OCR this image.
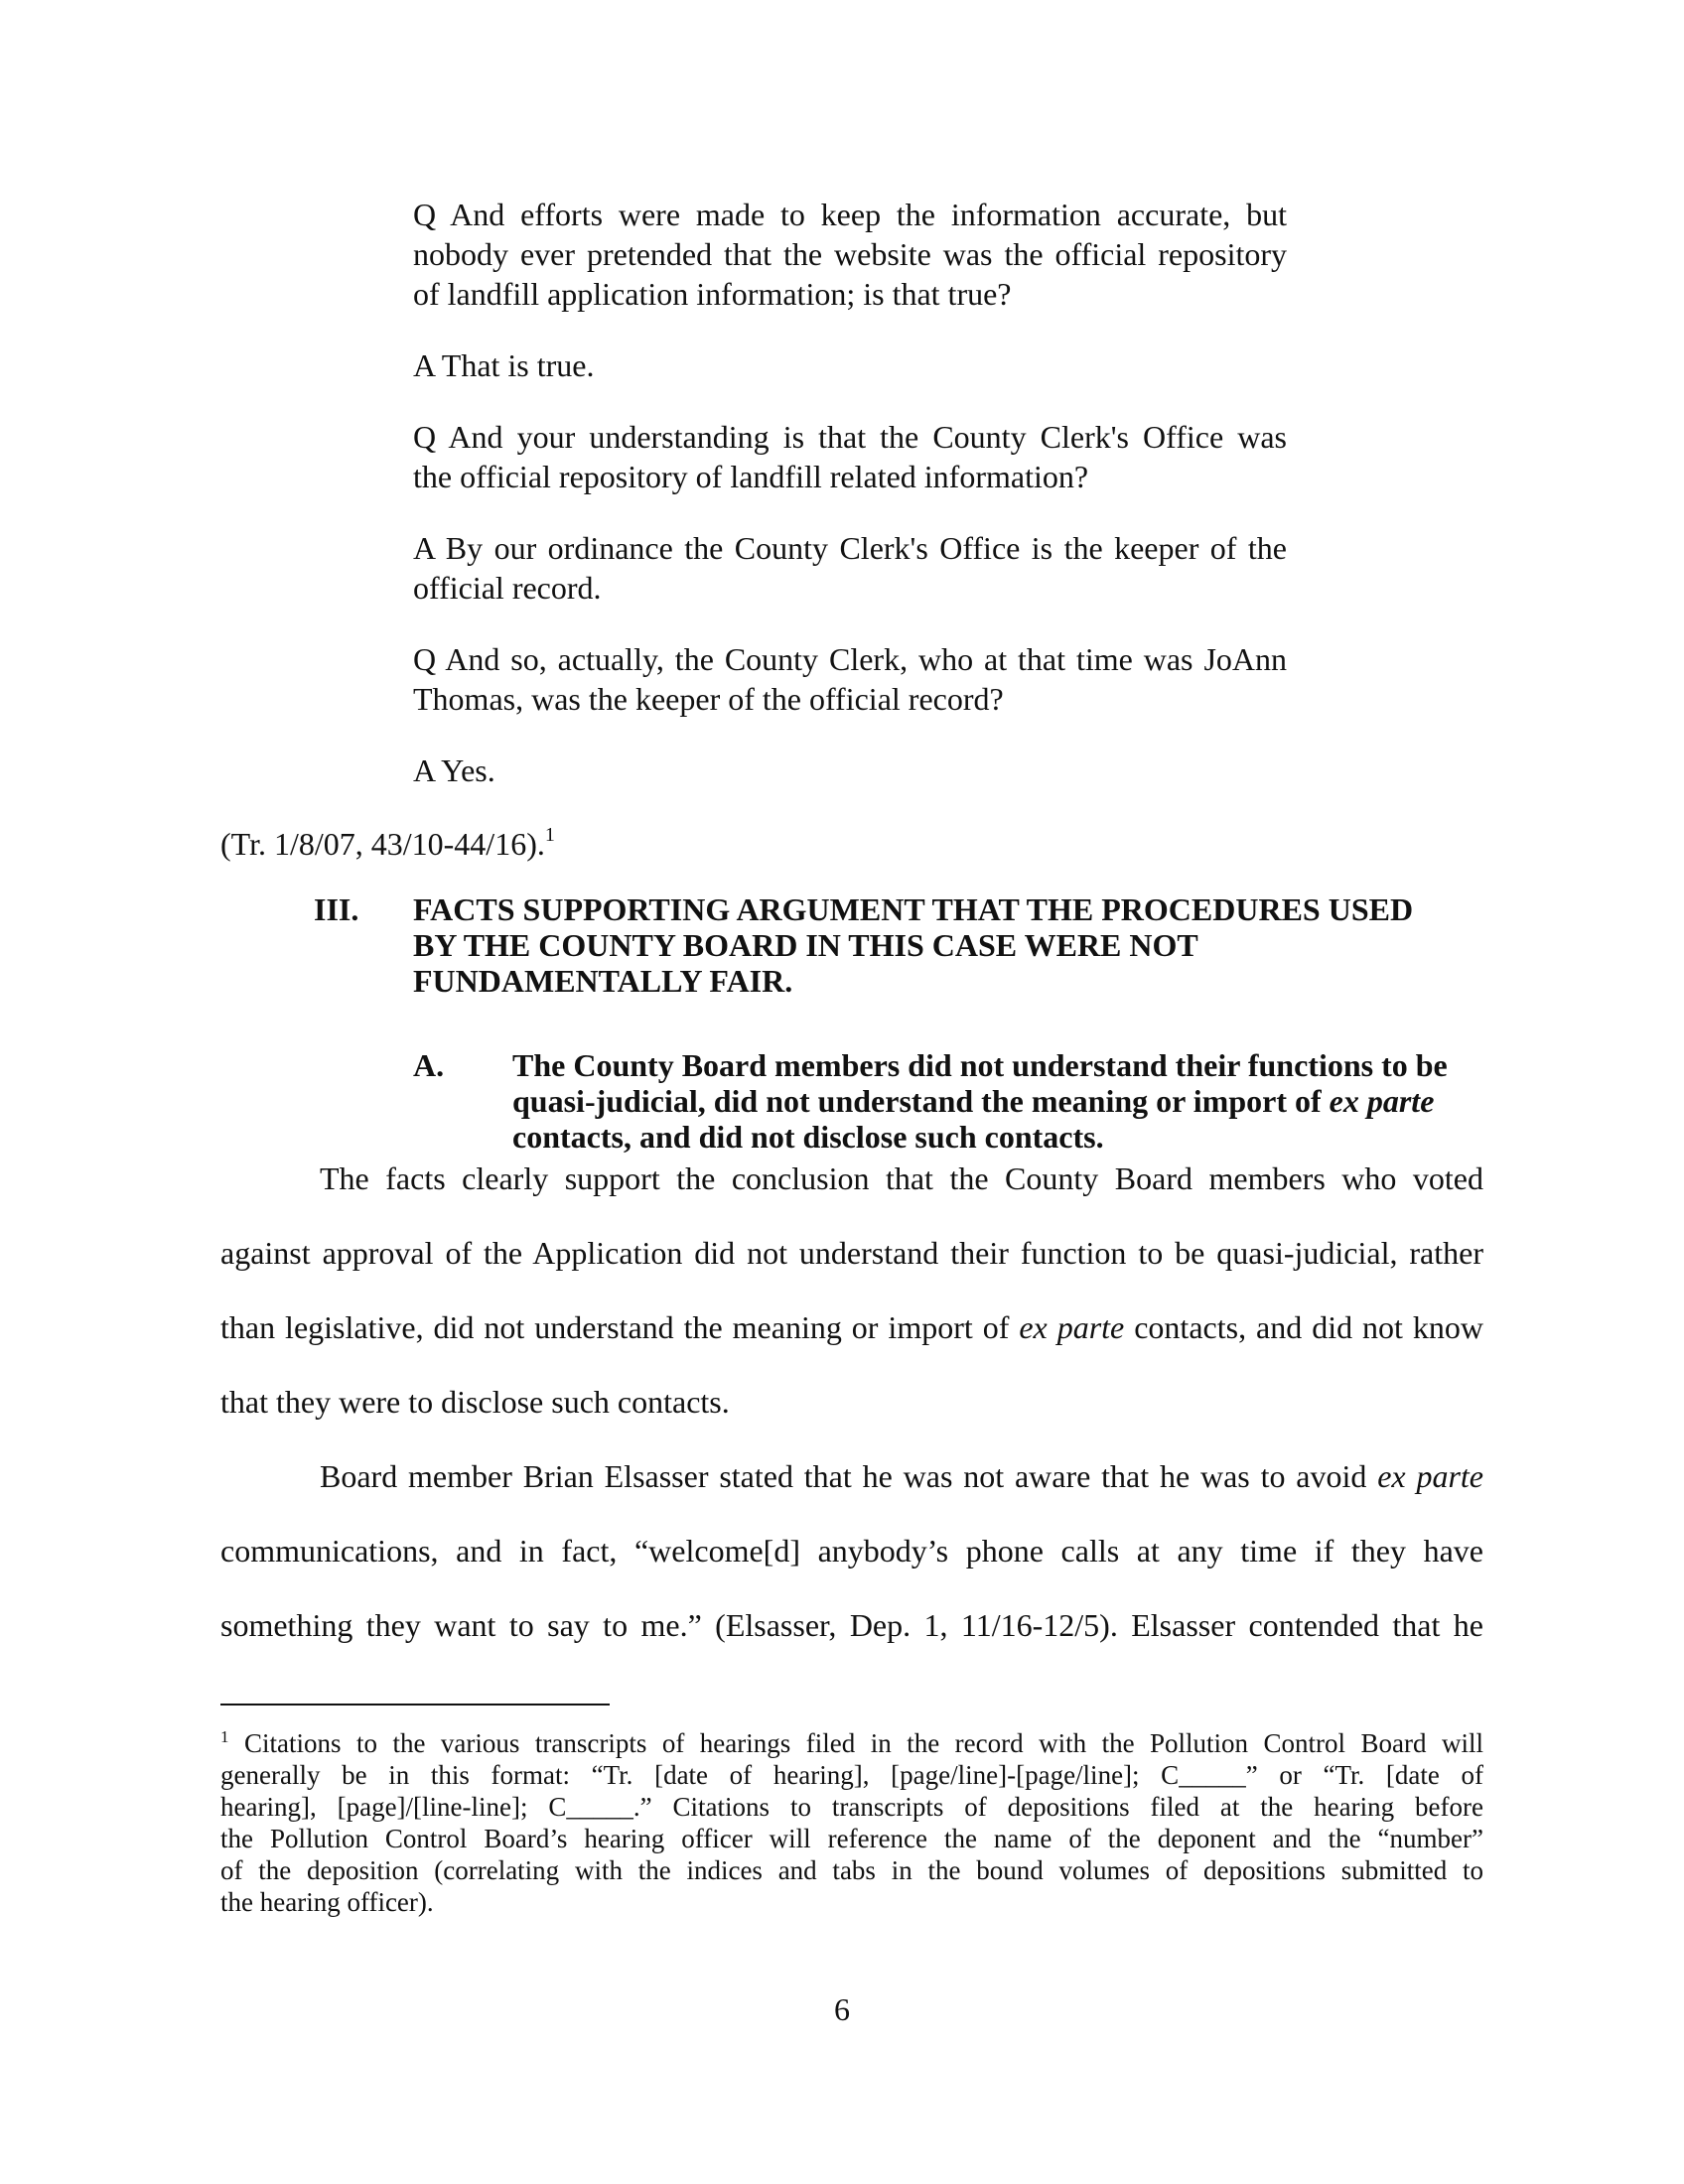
Q And efforts were made to keep the information accurate, but
nobody ever pretended that the website was the official repository

of landfill application information; is that true?

A That is true.

Q And your understanding is that the County Clerk's Office was

the official repository of landfill related information?

A By our ordinance the County Clerk's Office is the keeper of the

official record.

Q And so, actually, the County Clerk, who at that time was JoAnn

Thomas, was the keeper of the official record?

A Yes.

(Tr. 1/8/07, 43/10-44/16).$^1$

III. FACTS SUPPORTING ARGUMENT THAT THE PROCEDURES USED
BY THE COUNTY BOARD IN THIS CASE WERE NOT
FUNDAMENTALLY FAIR.
A. The County Board members did not understand their functions to be
quasi-judicial, did not understand the meaning or import of ex parte
contacts, and did not disclose such contacts.
The facts clearly support the conclusion that the County Board members who voted
against approval of the Application did not understand their function to be quasi-judicial, rather
than legislative, did not understand the meaning or import of ex parte contacts, and did not know
that they were to disclose such contacts.
Board member Brian Elsasser stated that he was not aware that he was to avoid ex parte
communications, and in fact, “welcome[d] anybody’s phone calls at any time if they have
something they want to say to me.” (Elsasser, Dep. 1, 11/16-12/5). Elsasser contended that he
$^1$ Citations to the various transcripts of hearings filed in the record with the Pollution Control Board will
generally be in this format: “Tr. [date of hearing], [page/line]-[page/line]; C_____” or “Tr. [date of
hearing], [page]/[line-line]; C_____.” Citations to transcripts of depositions filed at the hearing before
the Pollution Control Board’s hearing officer will reference the name of the deponent and the “number”
of the deposition (correlating with the indices and tabs in the bound volumes of depositions submitted to
the hearing officer).
6
